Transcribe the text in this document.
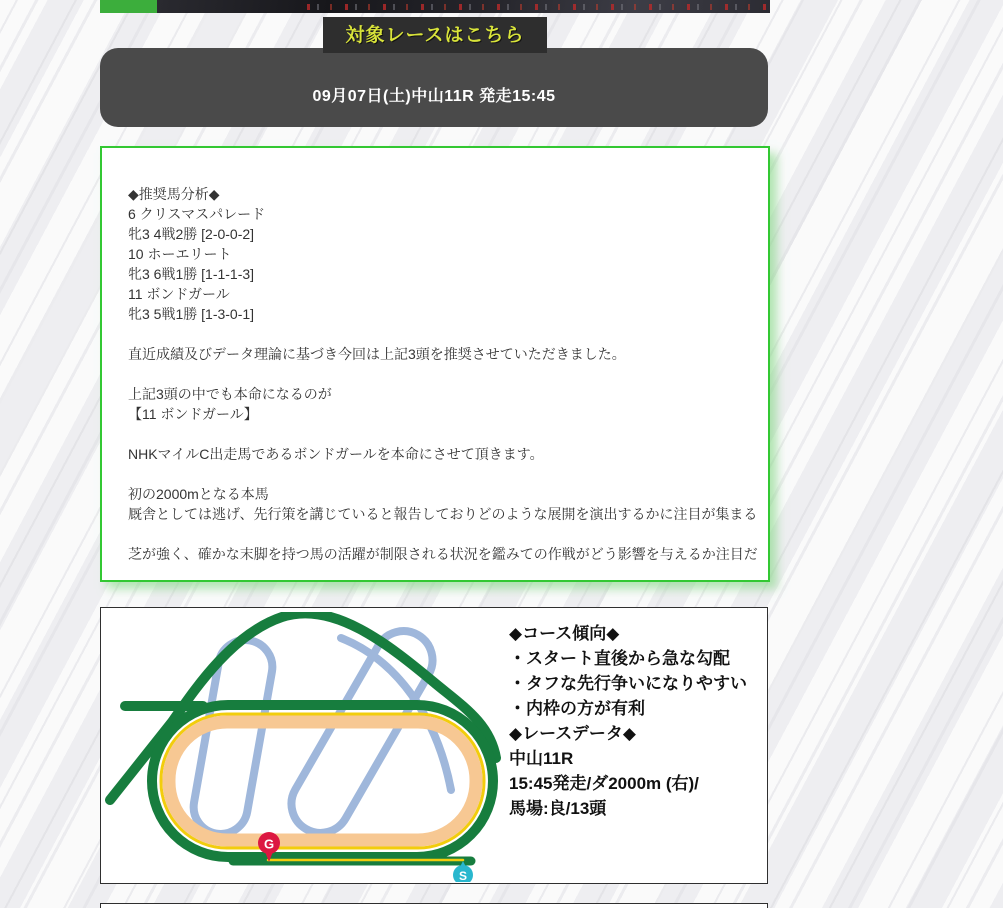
対象レースはこちら
09月07日(土)中山11R 発走15:45
◆推奨馬分析◆
6 クリスマスパレード
牝3 4戦2勝 [2-0-0-2]
10 ホーエリート
牝3 6戦1勝 [1-1-1-3]
11 ボンドガール
牝3 5戦1勝 [1-3-0-1]
直近成績及びデータ理論に基づき今回は上記3頭を推奨させていただきました。
上記3頭の中でも本命になるのが
【11 ボンドガール】
NHKマイルC出走馬であるボンドガールを本命にさせて頂きます。
初の2000mとなる本馬
厩舎としては逃げ、先行策を講じていると報告しておりどのような展開を演出するかに注目が集まる
芝が強く、確かな末脚を持つ馬の活躍が制限される状況を鑑みての作戦がどう影響を与えるか注目だ
G
S
◆コース傾向◆
・スタート直後から急な勾配
・タフな先行争いになりやすい
・内枠の方が有利
◆レースデータ◆
中山11R
15:45発走/ダ2000m (右)/
馬場:良/13頭
